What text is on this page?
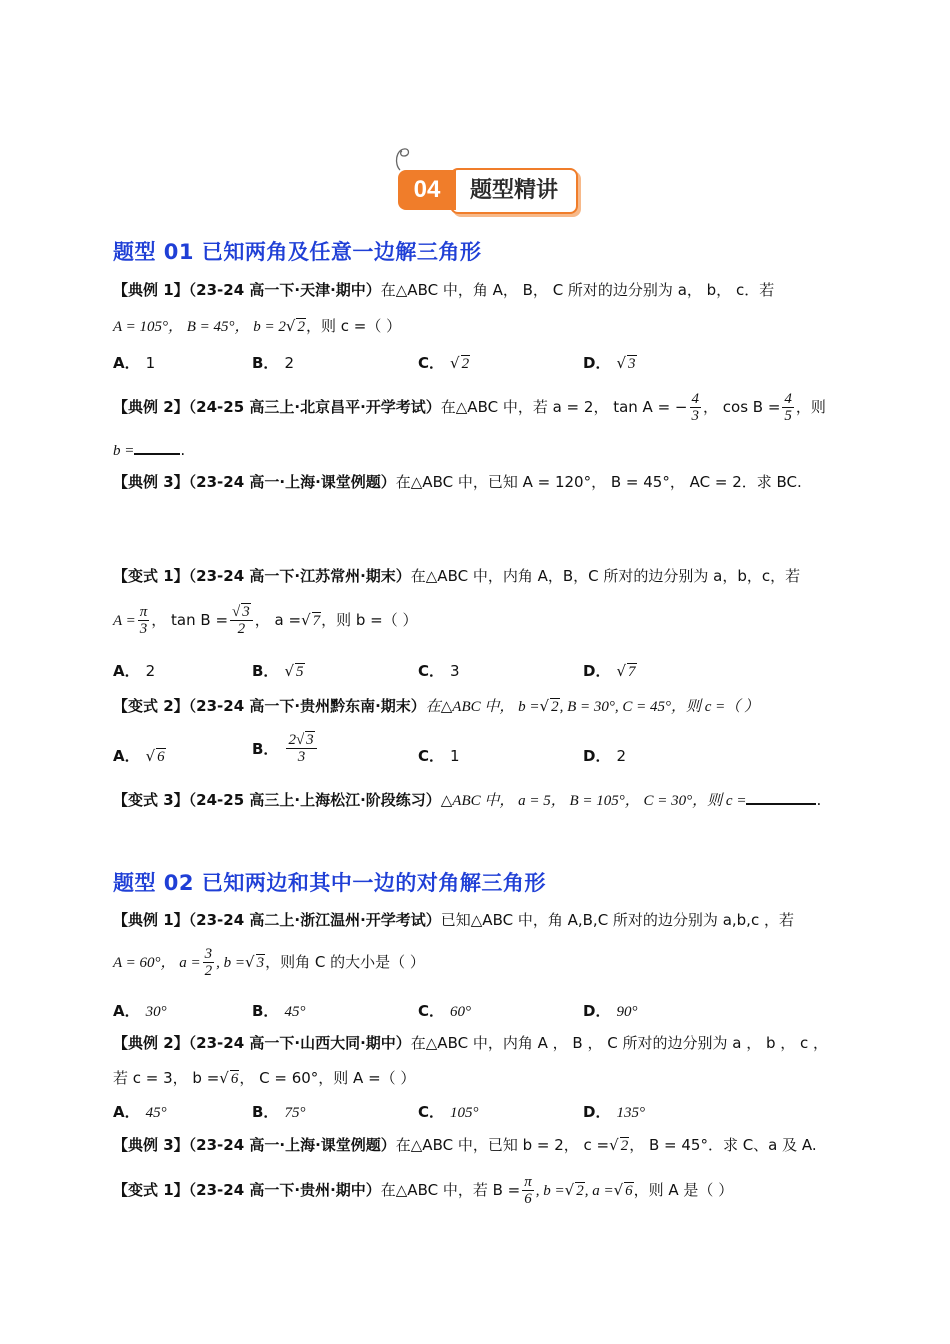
题型精讲
04
题型 01 已知两角及任意一边解三角形
【典例 1】（23-24 高一下·天津·期中）在△ABC 中，角 A， B， C 所对的边分别为 a， b， c．若
A = 105°， B = 45°， b = 2√ 2，则 c =（ ）
A． 1	B． 2	C． √ 2	D． √ 3
【典例 2】（24-25 高三上·北京昌平·开学考试）在△ABC 中，若 a = 2， tan A = − $\frac{4}{3}$ ， $\cos B = \frac{4}{5}$ ，则
b =	.
【典例 3】（23-24 高一·上海·课堂例题）在△ABC 中，已知 A = 120°， B = 45°， AC = 2．求 BC.
【变式 1】（23-24 高一下·江苏常州·期末）在△ABC 中，内角 A，B，C 所对的边分别为 a，b，c，若
$A = \frac{\pi}{3}$ ， $\tan B = \frac{√ 3}{2}$ ， a =√ 7，则 b =（ ）
A． 2	B． √ 5	C． 3	D． √ 7
【变式 2】（23-24 高一下·贵州黔东南·期末）在△ABC 中， b =√ 2, B = 30°, C = 45°，则 c =（ ）
A． √ 6	B． $\frac{2√ 3}{3}$	C． 1	D． 2
【变式 3】（24-25 高三上·上海松江·阶段练习）△ABC 中， a = 5， B = 105°， C = 30°，则 c =	.
题型 02 已知两边和其中一边的对角解三角形
【典例 1】（23-24 高二上·浙江温州·开学考试）已知△ABC 中，角 A,B,C 所对的边分别为 a,b,c ，若
A = 60°， $a = \frac{3}{2}$ , b =√ 3，则角 C 的大小是（ ）
A． 30°	B． 45°	C． 60°	D． 90°
【典例 2】（23-24 高一下·山西大同·期中）在△ABC 中，内角 A ， B ， C 所对的边分别为 a ， b ， c ，
若 c = 3， b =√ 6， C = 60°，则 A =（ ）
A． 45°	B． 75°	C． 105°	D． 135°
【典例 3】（23-24 高一·上海·课堂例题）在△ABC 中，已知 b = 2， c =√ 2， B = 45°．求 C、a 及 A.
【变式 1】（23-24 高一下·贵州·期中）在△ABC 中，若 $B = \frac{\pi}{6}$ , b =√ 2, a =√ 6，则 A 是（ ）
